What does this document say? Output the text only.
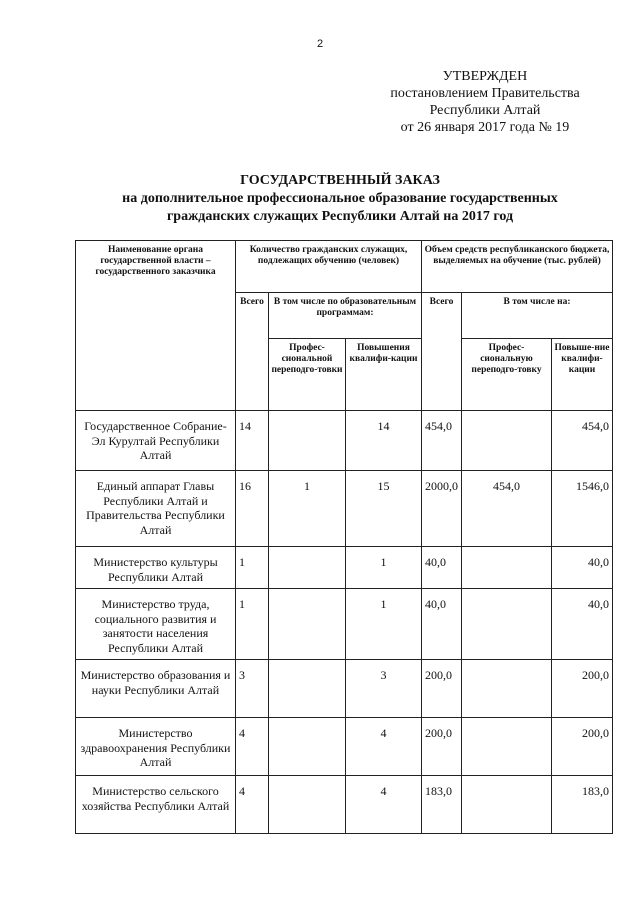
2
УТВЕРЖДЕН
постановлением Правительства
Республики Алтай
от 26 января 2017 года № 19
ГОСУДАРСТВЕННЫЙ ЗАКАЗ
на дополнительное профессиональное образование государственных
гражданских служащих Республики Алтай на 2017 год
Наименование органа государственной власти – государственного заказчика	Количество гражданских служащих, подлежащих обучению (человек)			Объем средств республиканского бюджета, выделяемых на обучение (тыс. рублей)		
	Всего	В том числе по образовательным программам:		Всего	В том числе на:	
		Профес-сиональной переподго-товки	Повышения квалифи-кации		Профес-сиональную переподго-товку	Повыше-ние квалифи-кации
Государственное Собрание- Эл Курултай Республики Алтай	14		14	454,0		454,0
Единый аппарат Главы Республики Алтай и Правительства Республики Алтай	16	1	15	2000,0	454,0	1546,0
Министерство культуры Республики Алтай	1		1	40,0		40,0
Министерство труда, социального развития и занятости населения Республики Алтай	1		1	40,0		40,0
Министерство образования и науки Республики Алтай	3		3	200,0		200,0
Министерство здравоохранения Республики Алтай	4		4	200,0		200,0
Министерство сельского хозяйства Республики Алтай	4		4	183,0		183,0
